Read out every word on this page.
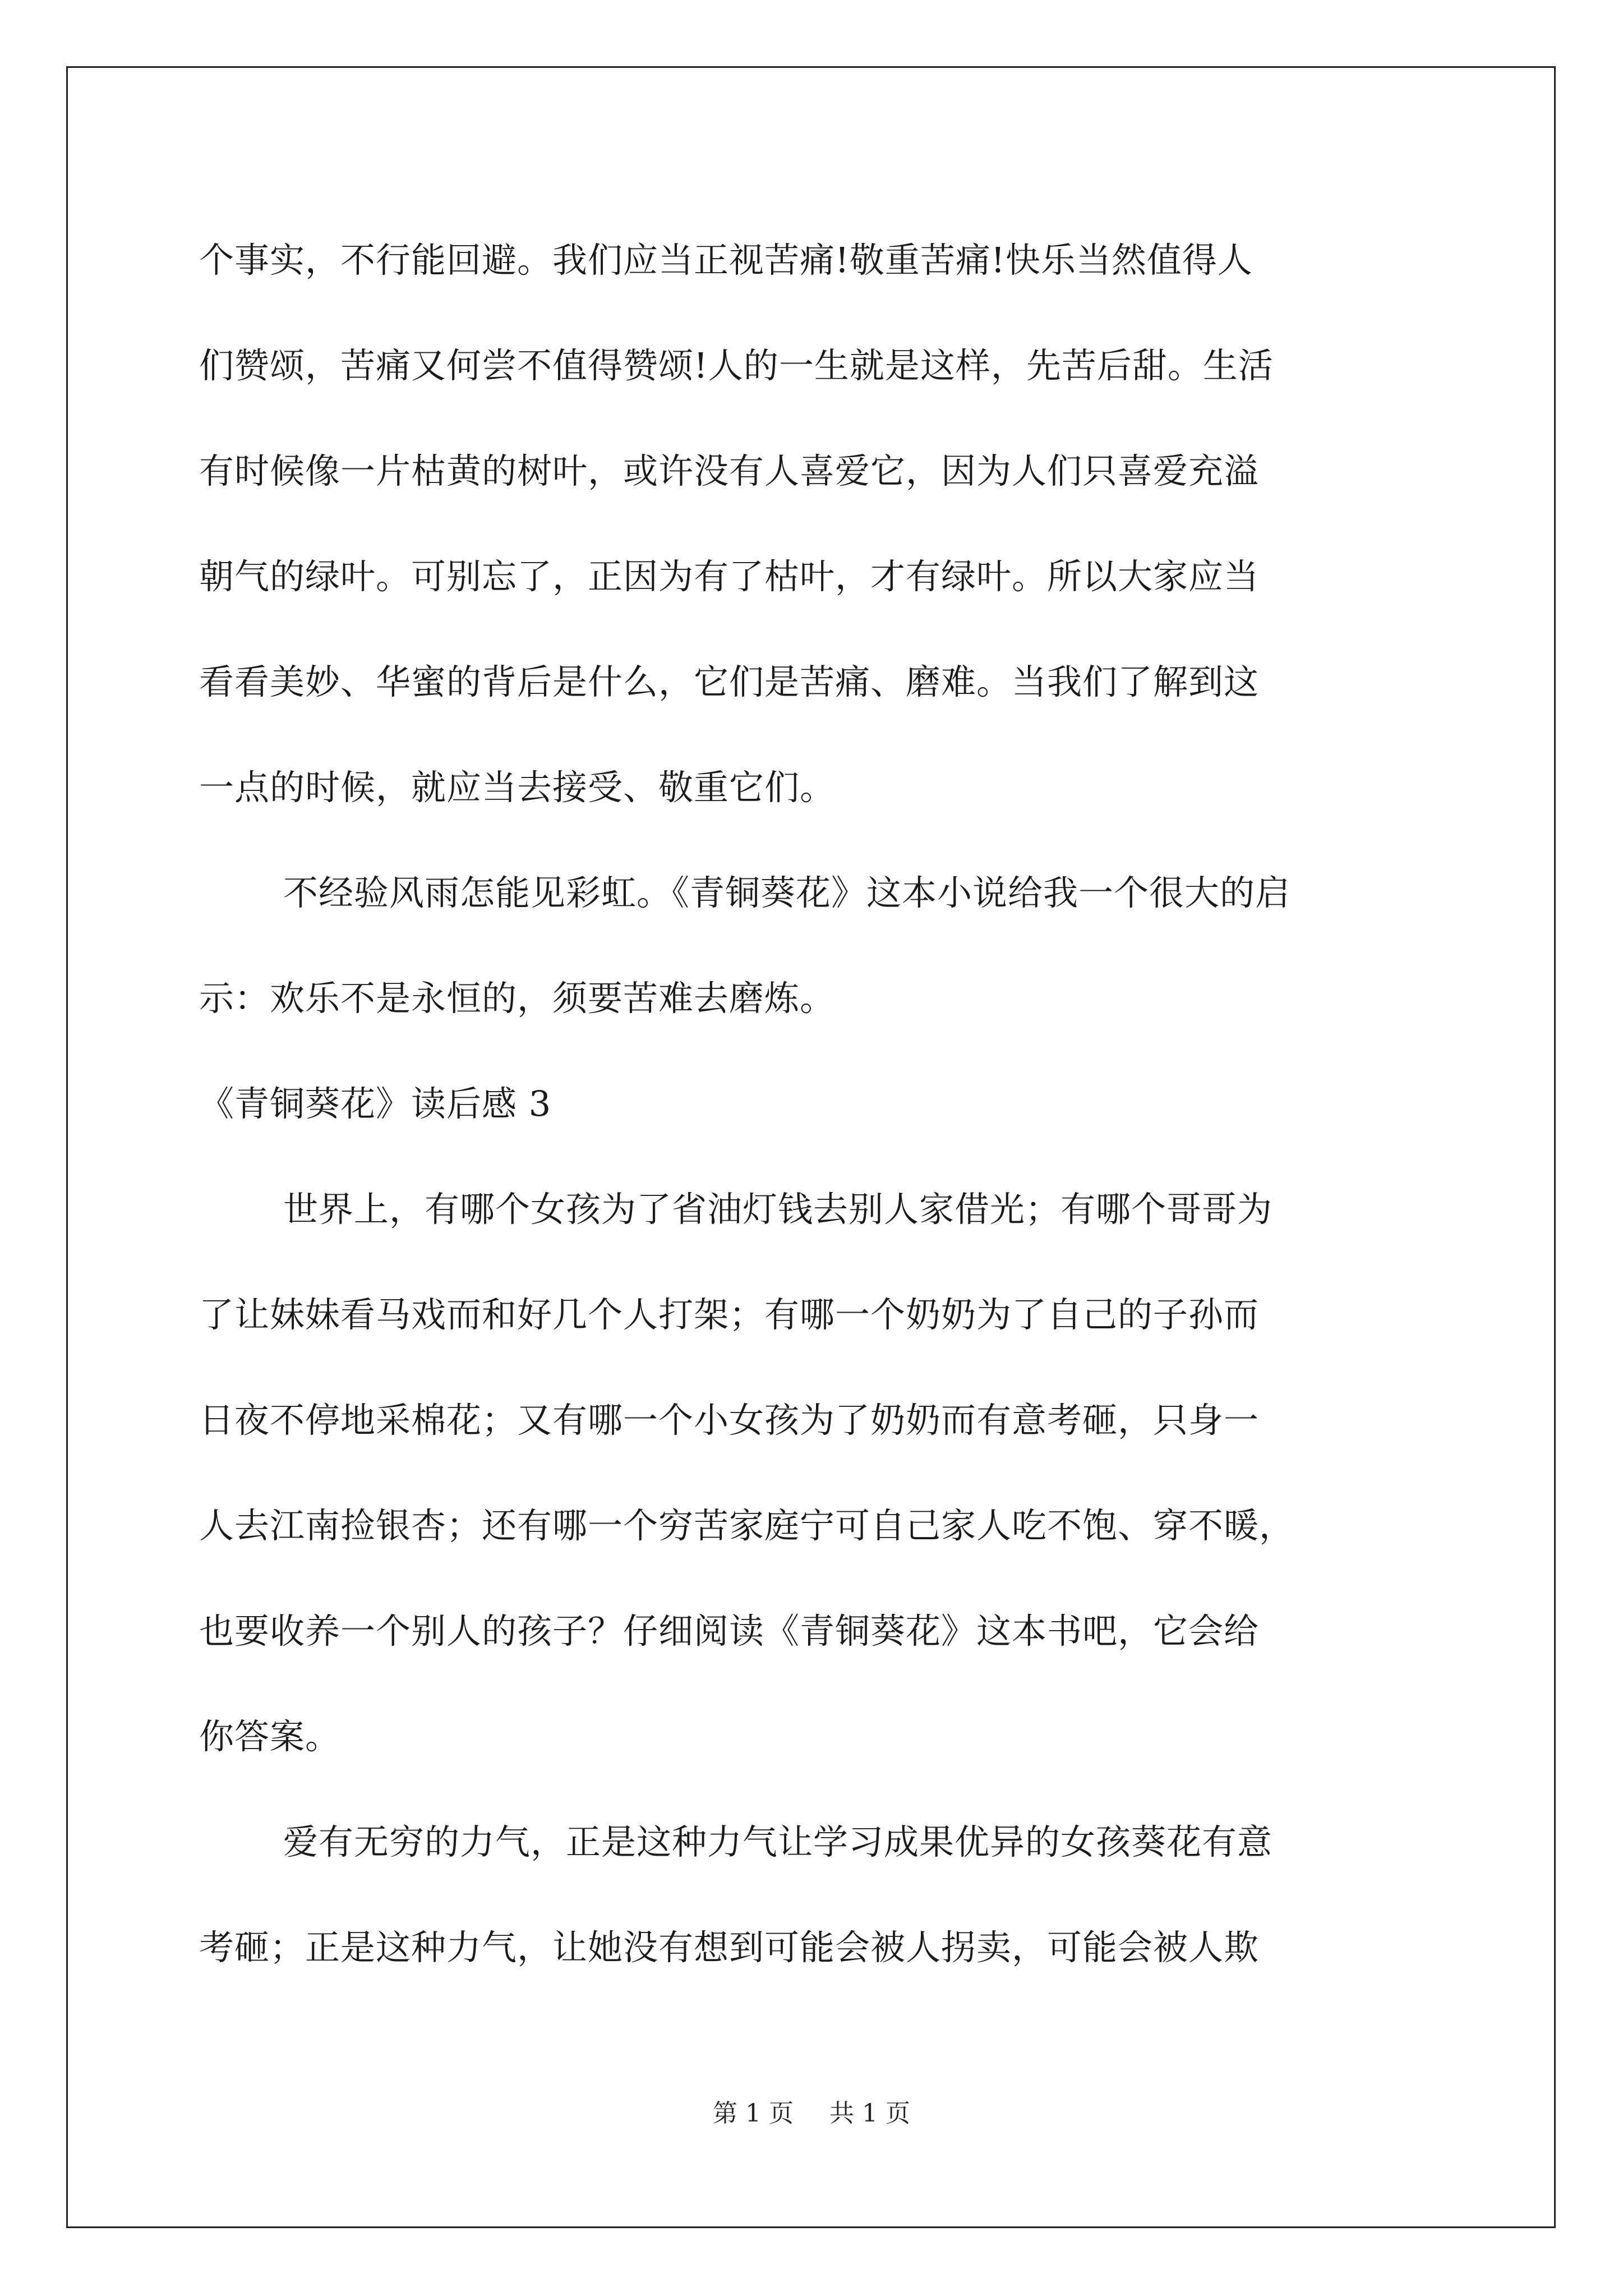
个事实，不行能回避。我们应当正视苦痛!敬重苦痛!快乐当然值得人
们赞颂，苦痛又何尝不值得赞颂!人的一生就是这样，先苦后甜。生活
有时候像一片枯黄的树叶，或许没有人喜爱它，因为人们只喜爱充溢
朝气的绿叶。可别忘了，正因为有了枯叶，才有绿叶。所以大家应当
看看美妙、华蜜的背后是什么，它们是苦痛、磨难。当我们了解到这
一点的时候，就应当去接受、敬重它们。
不经验风雨怎能见彩虹。《青铜葵花》这本小说给我一个很大的启
示：欢乐不是永恒的，须要苦难去磨炼。
《青铜葵花》读后感 3
世界上，有哪个女孩为了省油灯钱去别人家借光；有哪个哥哥为
了让妹妹看马戏而和好几个人打架；有哪一个奶奶为了自己的子孙而
日夜不停地采棉花；又有哪一个小女孩为了奶奶而有意考砸，只身一
人去江南捡银杏；还有哪一个穷苦家庭宁可自己家人吃不饱、穿不暖，
也要收养一个别人的孩子？仔细阅读《青铜葵花》这本书吧，它会给
你答案。
爱有无穷的力气，正是这种力气让学习成果优异的女孩葵花有意
考砸；正是这种力气，让她没有想到可能会被人拐卖，可能会被人欺
第 1 页 共 1 页
